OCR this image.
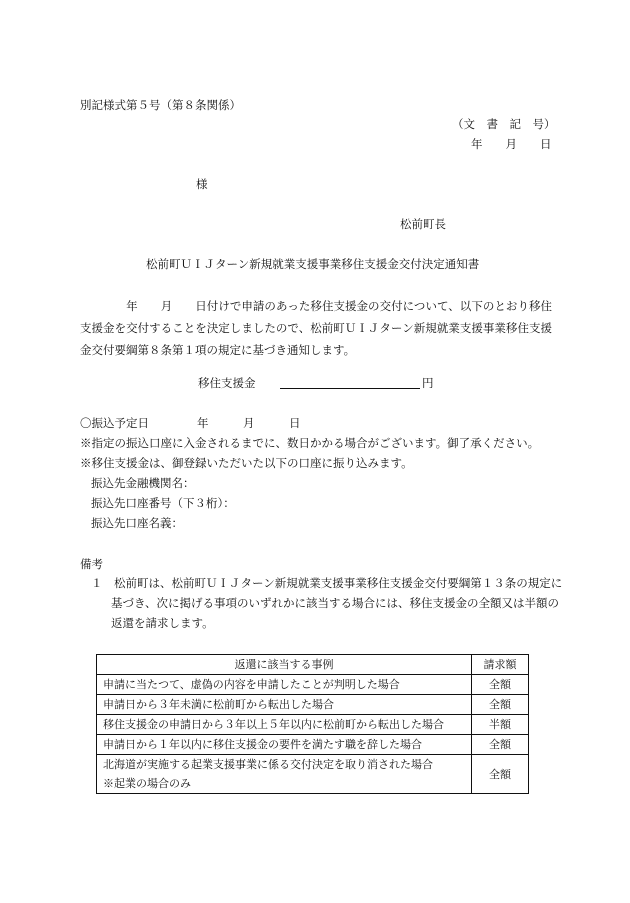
別記様式第５号（第８条関係）
（文　書　記　号）
年　　月　　日
様
松前町長
松前町ＵＩＪターン新規就業支援事業移住支援金交付決定通知書
　　　　年　　月　　日付けで申請のあった移住支援金の交付について、以下のとおり移住支援金を交付することを決定しましたので、松前町ＵＩＪターン新規就業支援事業移住支援金交付要綱第８条第１項の規定に基づき通知します。
移住支援金	円
〇振込予定日	年　　　月　　　日
※指定の振込口座に入金されるまでに、数日かかる場合がございます。御了承ください。
※移住支援金は、御登録いただいた以下の口座に振り込みます。
振込先金融機関名：
振込先口座番号（下３桁）：
振込先口座名義：
備考
１　松前町は、松前町ＵＩＪターン新規就業支援事業移住支援金交付要綱第１３条の規定に基づき、次に掲げる事項のいずれかに該当する場合には、移住支援金の全額又は半額の返還を請求します。
返還に該当する事例	請求額
申請に当たつて、虚偽の内容を申請したことが判明した場合	全額
申請日から３年未満に松前町から転出した場合	全額
移住支援金の申請日から３年以上５年以内に松前町から転出した場合	半額
申請日から１年以内に移住支援金の要件を満たす職を辞した場合	全額

北海道が実施する起業支援事業に係る交付決定を取り消された場合
※起業の場合のみ	全額
